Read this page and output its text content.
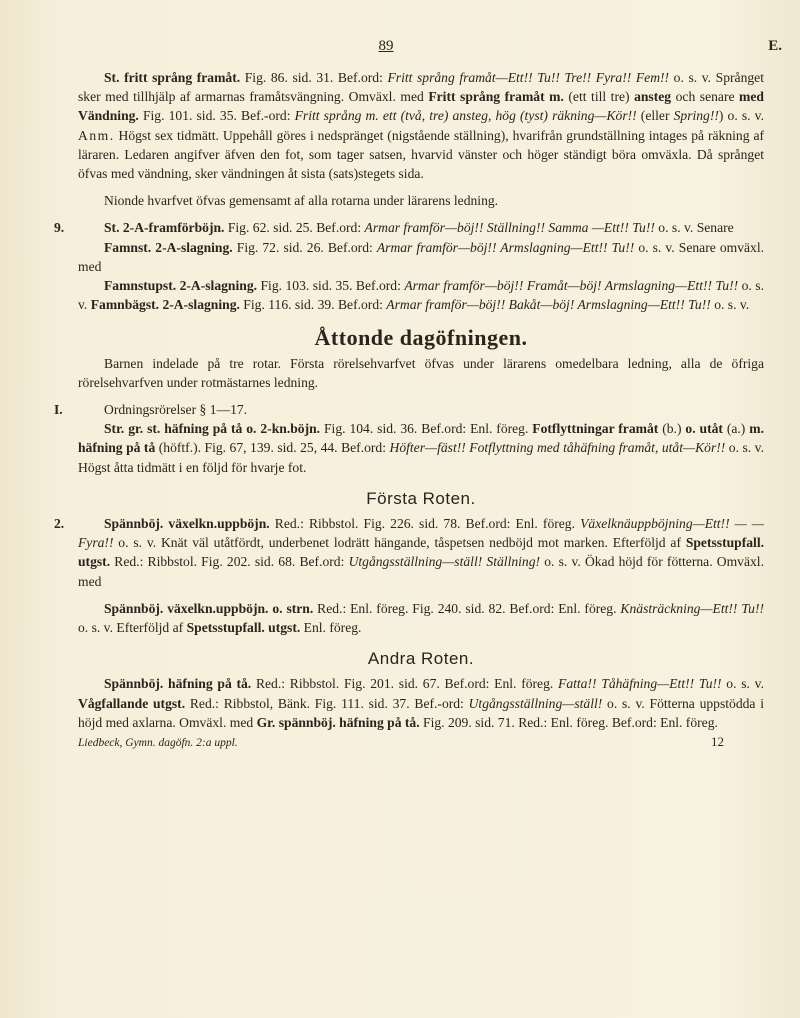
89	E.

St. fritt språng framåt. Fig. 86. sid. 31. Bef.ord: Fritt språng framåt—Ett!! Tu!! Tre!! Fyra!! Fem!! o. s. v. Språnget sker med tillhjälp af armarnas framåtsvängning. Omväxl. med Fritt språng framåt m. (ett till tre) ansteg och senare med Vändning. Fig. 101. sid. 35. Bef.-ord: Fritt språng m. ett (två, tre) ansteg, hög (tyst) räkning—Kör!! (eller Spring!!) o. s. v. Anm. Högst sex tidmätt. Uppehåll göres i nedspränget (nigstående ställning), hvarifrån grundställning intages på räkning af läraren. Ledaren angifver äfven den fot, som tager satsen, hvarvid vänster och höger ständigt böra omväxla. Då språnget öfvas med vändning, sker vändningen åt sista (sats)stegets sida.

Nionde hvarfvet öfvas gemensamt af alla rotarna under lärarens ledning.

9.	St. 2-A-framförböjn. Fig. 62. sid. 25. Bef.ord: Armar framför—böj!! Ställning!! Samma —Ett!! Tu!! o. s. v. Senare

Famnst. 2-A-slagning. Fig. 72. sid. 26. Bef.ord: Armar framför—böj!! Armslagning—Ett!! Tu!! o. s. v. Senare omväxl. med

Famnstupst. 2-A-slagning. Fig. 103. sid. 35. Bef.ord: Armar framför—böj!! Framåt—böj! Armslagning—Ett!! Tu!! o. s. v. Famnbägst. 2-A-slagning. Fig. 116. sid. 39. Bef.ord: Armar framför—böj!! Bakåt—böj! Armslagning—Ett!! Tu!! o. s. v.

Åttonde dagöfningen.

Barnen indelade på tre rotar. Första rörelsehvarfvet öfvas under lärarens omedelbara ledning, alla de öfriga rörelsehvarfven under rotmästarnes ledning.

I.	Ordningsrörelser § 1—17.

Str. gr. st. häfning på tå o. 2-kn.böjn. Fig. 104. sid. 36. Bef.ord: Enl. föreg. Fotflyttningar framåt (b.) o. utåt (a.) m. häfning på tå (höftf.). Fig. 67, 139. sid. 25, 44. Bef.ord: Höfter—fäst!! Fotflyttning med tåhäfning framåt, utåt—Kör!! o. s. v. Högst åtta tidmätt i en följd för hvarje fot.

Första Roten.

2.	Spännböj. växelkn.uppböjn. Red.: Ribbstol. Fig. 226. sid. 78. Bef.ord: Enl. föreg. Växelknäuppböjning—Ett!! — — Fyra!! o. s. v. Knät väl utåtfördt, underbenet lodrätt hängande, tåspetsen nedböjd mot marken. Efterföljd af Spetsstupfall. utgst. Red.: Ribbstol. Fig. 202. sid. 68. Bef.ord: Utgångsställning—ställ! Ställning! o. s. v. Ökad höjd för fötterna. Omväxl. med

Spännböj. växelkn.uppböjn. o. strn. Red.: Enl. föreg. Fig. 240. sid. 82. Bef.ord: Enl. föreg. Knästräckning—Ett!! Tu!! o. s. v. Efterföljd af Spetsstupfall. utgst. Enl. föreg.

Andra Roten.

Spännböj. häfning på tå. Red.: Ribbstol. Fig. 201. sid. 67. Bef.ord: Enl. föreg. Fatta!! Tåhäfning—Ett!! Tu!! o. s. v. Vågfallande utgst. Red.: Ribbstol, Bänk. Fig. 111. sid. 37. Bef.-ord: Utgångsställning—ställ! o. s. v. Fötterna uppstödda i höjd med axlarna. Omväxl. med Gr. spännböj. häfning på tå. Fig. 209. sid. 71. Red.: Enl. föreg. Bef.ord: Enl. föreg.

Liedbeck, Gymn. dagöfn. 2:a uppl.	12
